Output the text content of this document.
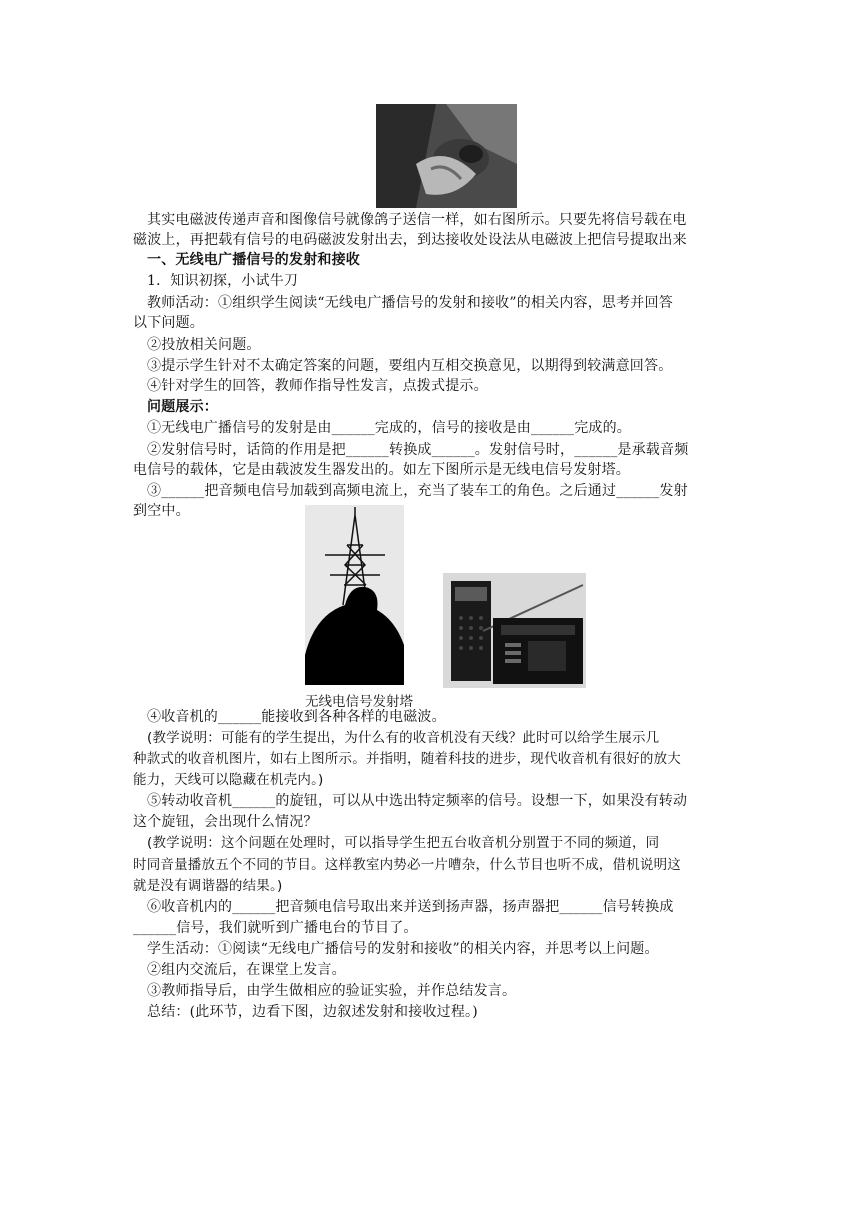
其实电磁波传递声音和图像信号就像鸽子送信一样，如右图所示。只要先将信号载在电
磁波上，再把载有信号的电码磁波发射出去，到达接收处设法从电磁波上把信号提取出来
一、无线电广播信号的发射和接收
1．知识初探，小试牛刀
教师活动：①组织学生阅读“无线电广播信号的发射和接收”的相关内容，思考并回答
以下问题。
②投放相关问题。
③提示学生针对不太确定答案的问题，要组内互相交换意见，以期得到较满意回答。
④针对学生的回答，教师作指导性发言，点拨式提示。
问题展示：
①无线电广播信号的发射是由______完成的，信号的接收是由______完成的。
②发射信号时，话筒的作用是把______转换成______。发射信号时，______是承载音频
电信号的载体，它是由载波发生器发出的。如左下图所示是无线电信号发射塔。
③______把音频电信号加载到高频电流上，充当了装车工的角色。之后通过______发射
到空中。
无线电信号发射塔
④收音机的______能接收到各种各样的电磁波。
(教学说明：可能有的学生提出，为什么有的收音机没有天线？此时可以给学生展示几
种款式的收音机图片，如右上图所示。并指明，随着科技的进步，现代收音机有很好的放大
能力，天线可以隐藏在机壳内。)
⑤转动收音机______的旋钮，可以从中选出特定频率的信号。设想一下，如果没有转动
这个旋钮，会出现什么情况？
(教学说明：这个问题在处理时，可以指导学生把五台收音机分别置于不同的频道，同
时同音量播放五个不同的节目。这样教室内势必一片嘈杂，什么节目也听不成，借机说明这
就是没有调谐器的结果。)
⑥收音机内的______把音频电信号取出来并送到扬声器，扬声器把______信号转换成
______信号，我们就听到广播电台的节目了。
学生活动：①阅读“无线电广播信号的发射和接收”的相关内容，并思考以上问题。
②组内交流后，在课堂上发言。
③教师指导后，由学生做相应的验证实验，并作总结发言。
总结：(此环节，边看下图，边叙述发射和接收过程。)
